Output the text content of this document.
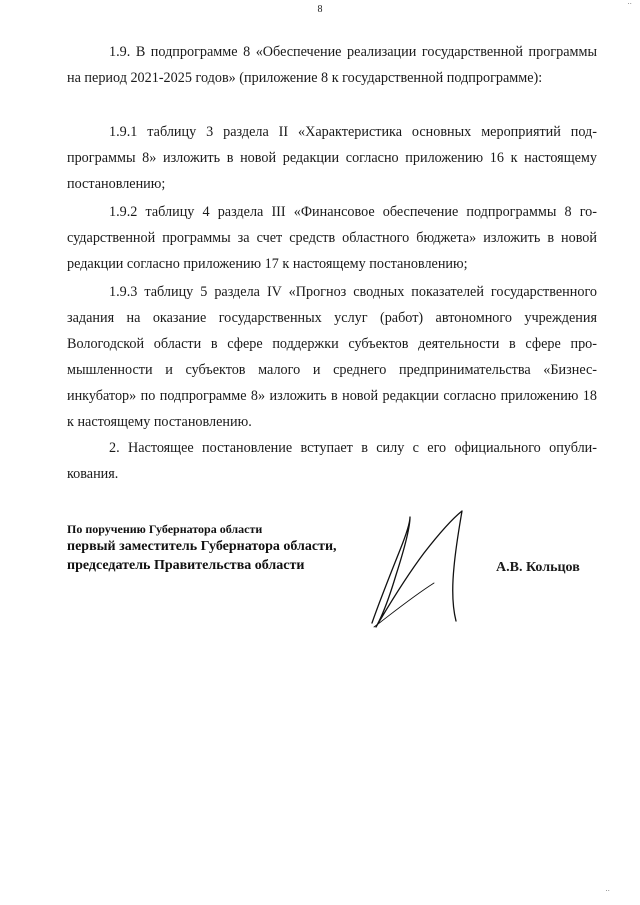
8	··

1.9. В подпрограмме 8 «Обеспечение реализации государственной программы на период 2021-2025 годов» (приложение 8 к государственной подпрограмме):

1.9.1 таблицу 3 раздела II «Характеристика основных мероприятий подпрограммы 8» изложить в новой редакции согласно приложению 16 к настоящему постановлению;

1.9.2 таблицу 4 раздела III «Финансовое обеспечение подпрограммы 8 государственной программы за счет средств областного бюджета» изложить в новой редакции согласно приложению 17 к настоящему постановлению;

1.9.3 таблицу 5 раздела IV «Прогноз сводных показателей государственного задания на оказание государственных услуг (работ) автономного учреждения Вологодской области в сфере поддержки субъектов деятельности в сфере промышленности и субъектов малого и среднего предпринимательства «Бизнес-инкубатор» по подпрограмме 8» изложить в новой редакции согласно приложению 18 к настоящему постановлению.

2. Настоящее постановление вступает в силу с его официального опубликования.

По поручению Губернатора области
первый заместитель Губернатора области,
председатель Правительства области	А.В. Кольцов
··
